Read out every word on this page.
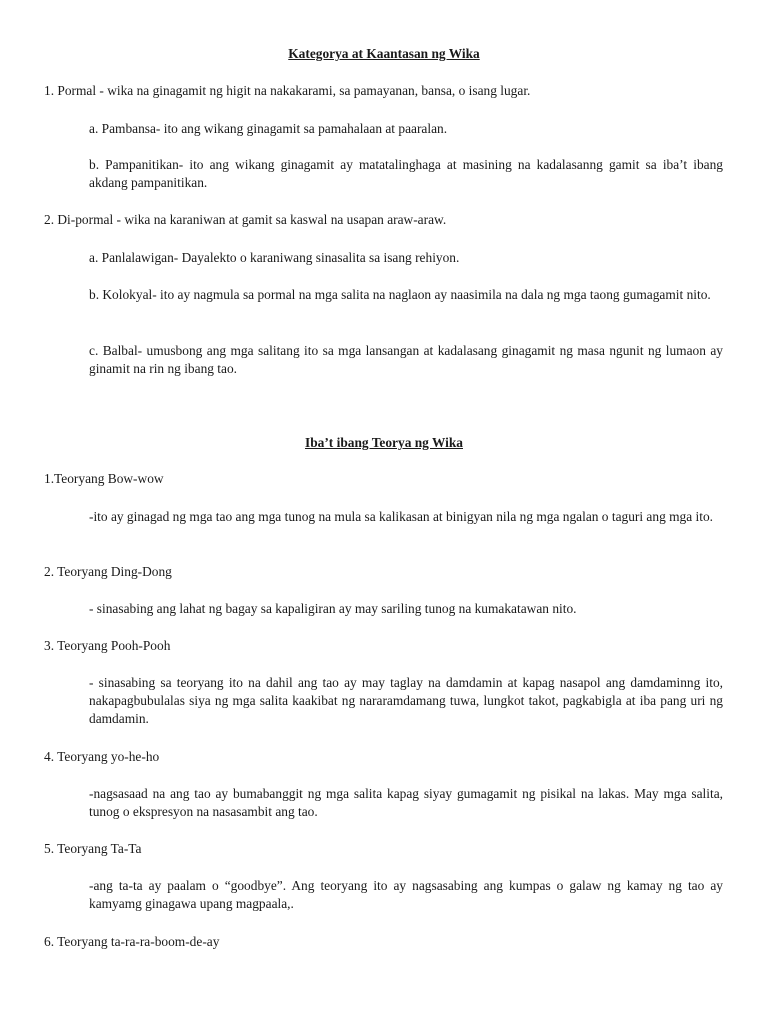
Kategorya at Kaantasan ng Wika
1. Pormal - wika na ginagamit ng higit na nakakarami, sa pamayanan, bansa, o isang lugar.
a. Pambansa- ito ang wikang ginagamit sa pamahalaan at paaralan.
b. Pampanitikan- ito ang wikang ginagamit ay matatalinghaga at masining na kadalasanng gamit sa iba’t ibang akdang pampanitikan.
2. Di-pormal - wika na karaniwan at gamit sa kaswal na usapan araw-araw.
a. Panlalawigan- Dayalekto o karaniwang sinasalita sa isang rehiyon.
b. Kolokyal- ito ay nagmula sa pormal na mga salita na naglaon ay naasimila na dala ng mga taong gumagamit nito.
c. Balbal- umusbong ang mga salitang ito sa mga lansangan at kadalasang ginagamit ng masa ngunit ng lumaon ay ginamit na rin ng ibang tao.
Iba’t ibang Teorya ng Wika
1.Teoryang Bow-wow
-ito ay ginagad ng mga tao ang mga tunog na mula sa kalikasan at binigyan nila ng mga ngalan o taguri ang mga ito.
2. Teoryang Ding-Dong
- sinasabing ang lahat ng bagay sa kapaligiran ay may sariling tunog na kumakatawan nito.
3. Teoryang Pooh-Pooh
- sinasabing sa teoryang ito na dahil ang tao ay may taglay na damdamin at kapag nasapol ang damdaminng ito, nakapagbubulalas siya ng mga salita kaakibat ng nararamdamang tuwa, lungkot takot, pagkabigla at iba pang uri ng damdamin.
4. Teoryang yo-he-ho
-nagsasaad na ang tao ay bumabanggit ng mga salita kapag siyay gumagamit ng pisikal na lakas. May mga salita, tunog o ekspresyon na nasasambit ang tao.
5. Teoryang Ta-Ta
-ang ta-ta ay paalam o “goodbye”. Ang teoryang ito ay nagsasabing ang kumpas o galaw ng kamay ng tao ay kamyamg ginagawa upang magpaala,.
6. Teoryang ta-ra-ra-boom-de-ay
